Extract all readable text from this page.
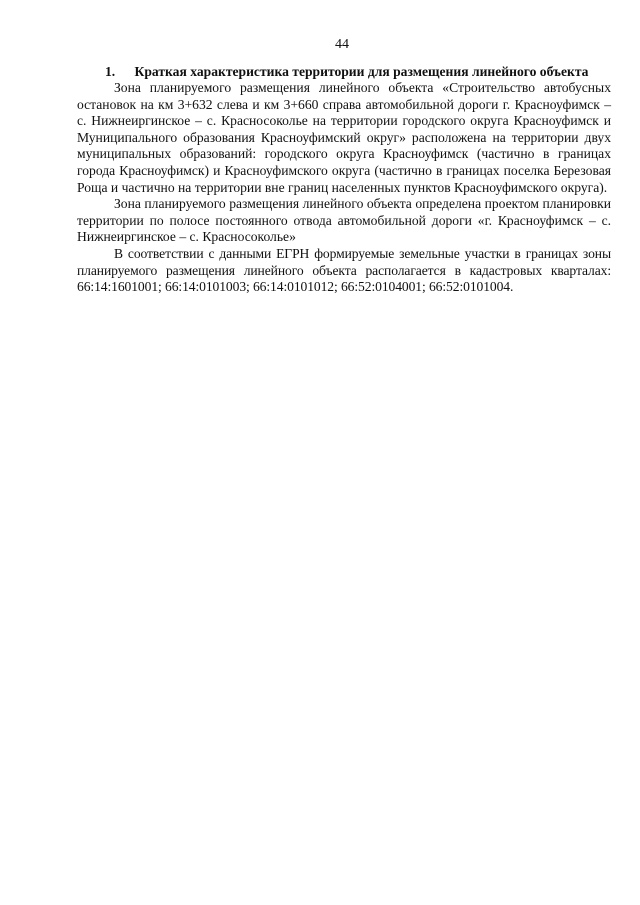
44
1.	Краткая характеристика территории для размещения линейного объекта

Зона планируемого размещения линейного объекта «Строительство автобусных остановок на км 3+632 слева и км 3+660 справа автомобильной дороги г. Красноуфимск – с. Нижнеиргинское – с. Красносоколье на территории городского округа Красноуфимск и Муниципального образования Красноуфимский округ» расположена на территории двух муниципальных образований: городского округа Красноуфимск (частично в границах города Красноуфимск) и Красноуфимского округа (частично в границах поселка Березовая Роща и частично на территории вне границ населенных пунктов Красноуфимского округа).

Зона планируемого размещения линейного объекта определена проектом планировки территории по полосе постоянного отвода автомобильной дороги «г. Красноуфимск – с. Нижнеиргинское – с. Красносоколье»

В соответствии с данными ЕГРН формируемые земельные участки в границах зоны планируемого размещения линейного объекта располагается в кадастровых кварталах: 66:14:1601001; 66:14:0101003; 66:14:0101012; 66:52:0104001; 66:52:0101004.
